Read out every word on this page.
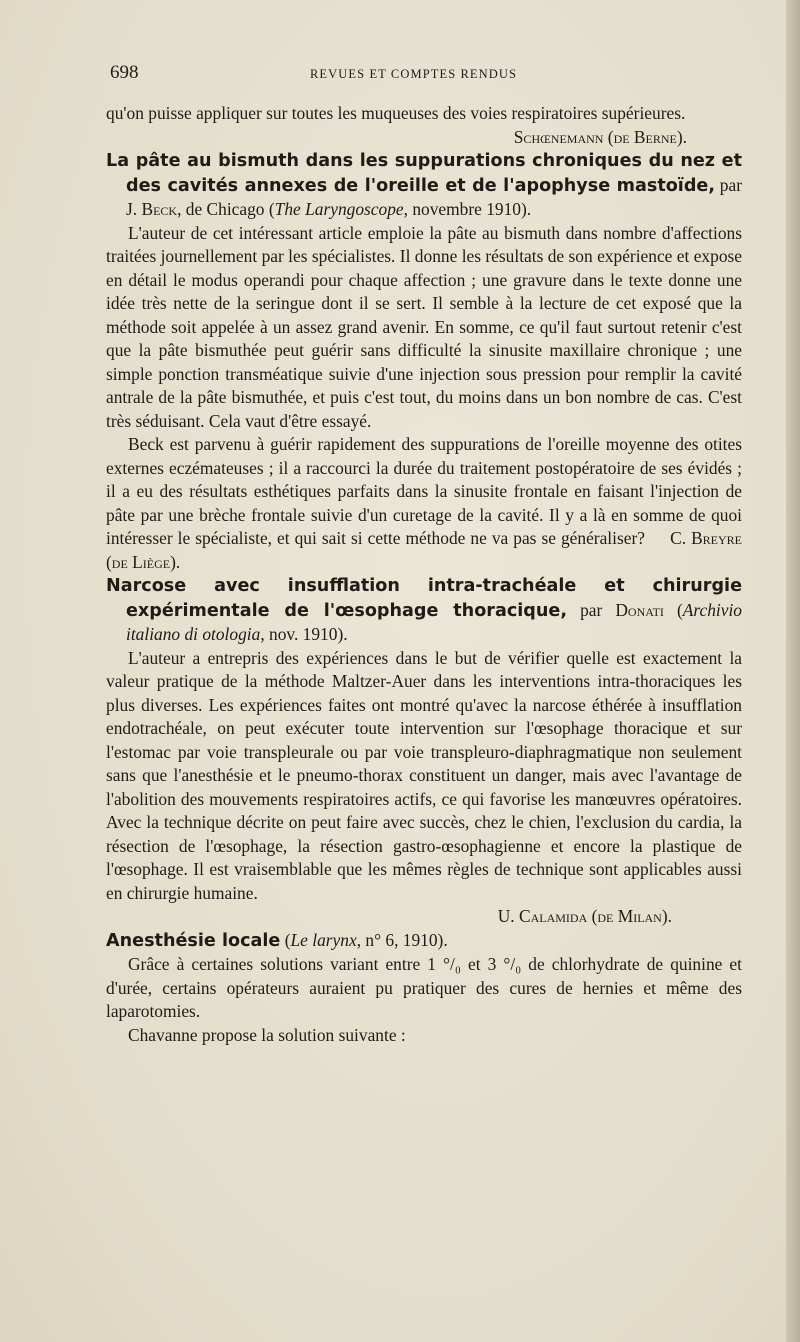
698	REVUES ET COMPTES RENDUS

qu'on puisse appliquer sur toutes les muqueuses des voies respiratoires supérieures.

Schœnemann (de Berne).

La pâte au bismuth dans les suppurations chroniques du nez et des cavités annexes de l'oreille et de l'apophyse mastoïde, par J. Beck, de Chicago (The Laryngoscope, novembre 1910).

L'auteur de cet intéressant article emploie la pâte au bismuth dans nombre d'affections traitées journellement par les spécialistes. Il donne les résultats de son expérience et expose en détail le modus operandi pour chaque affection ; une gravure dans le texte donne une idée très nette de la seringue dont il se sert. Il semble à la lecture de cet exposé que la méthode soit appelée à un assez grand avenir. En somme, ce qu'il faut surtout retenir c'est que la pâte bismuthée peut guérir sans difficulté la sinusite maxillaire chronique ; une simple ponction transméatique suivie d'une injection sous pression pour remplir la cavité antrale de la pâte bismuthée, et puis c'est tout, du moins dans un bon nombre de cas. C'est très séduisant. Cela vaut d'être essayé.

Beck est parvenu à guérir rapidement des suppurations de l'oreille moyenne des otites externes eczémateuses ; il a raccourci la durée du traitement postopératoire de ses évidés ; il a eu des résultats esthétiques parfaits dans la sinusite frontale en faisant l'injection de pâte par une brèche frontale suivie d'un curetage de la cavité. Il y a là en somme de quoi intéresser le spécialiste, et qui sait si cette méthode ne va pas se généraliser? C. Breyre (de Liège).

Narcose avec insufflation intra-trachéale et chirurgie expérimentale de l'œsophage thoracique, par Donati (Archivio italiano di otologia, nov. 1910).

L'auteur a entrepris des expériences dans le but de vérifier quelle est exactement la valeur pratique de la méthode Maltzer-Auer dans les interventions intra-thoraciques les plus diverses. Les expériences faites ont montré qu'avec la narcose éthérée à insufflation endotrachéale, on peut exécuter toute intervention sur l'œsophage thoracique et sur l'estomac par voie transpleurale ou par voie transpleuro-diaphragmatique non seulement sans que l'anesthésie et le pneumo-thorax constituent un danger, mais avec l'avantage de l'abolition des mouvements respiratoires actifs, ce qui favorise les manœuvres opératoires. Avec la technique décrite on peut faire avec succès, chez le chien, l'exclusion du cardia, la résection de l'œsophage, la résection gastro-œsophagienne et encore la plastique de l'œsophage. Il est vraisemblable que les mêmes règles de technique sont applicables aussi en chirurgie humaine.

U. Calamida (de Milan).

Anesthésie locale (Le larynx, n° 6, 1910).

Grâce à certaines solutions variant entre 1 °/₀ et 3 °/₀ de chlorhydrate de quinine et d'urée, certains opérateurs auraient pu pratiquer des cures de hernies et même des laparotomies.

Chavanne propose la solution suivante :
